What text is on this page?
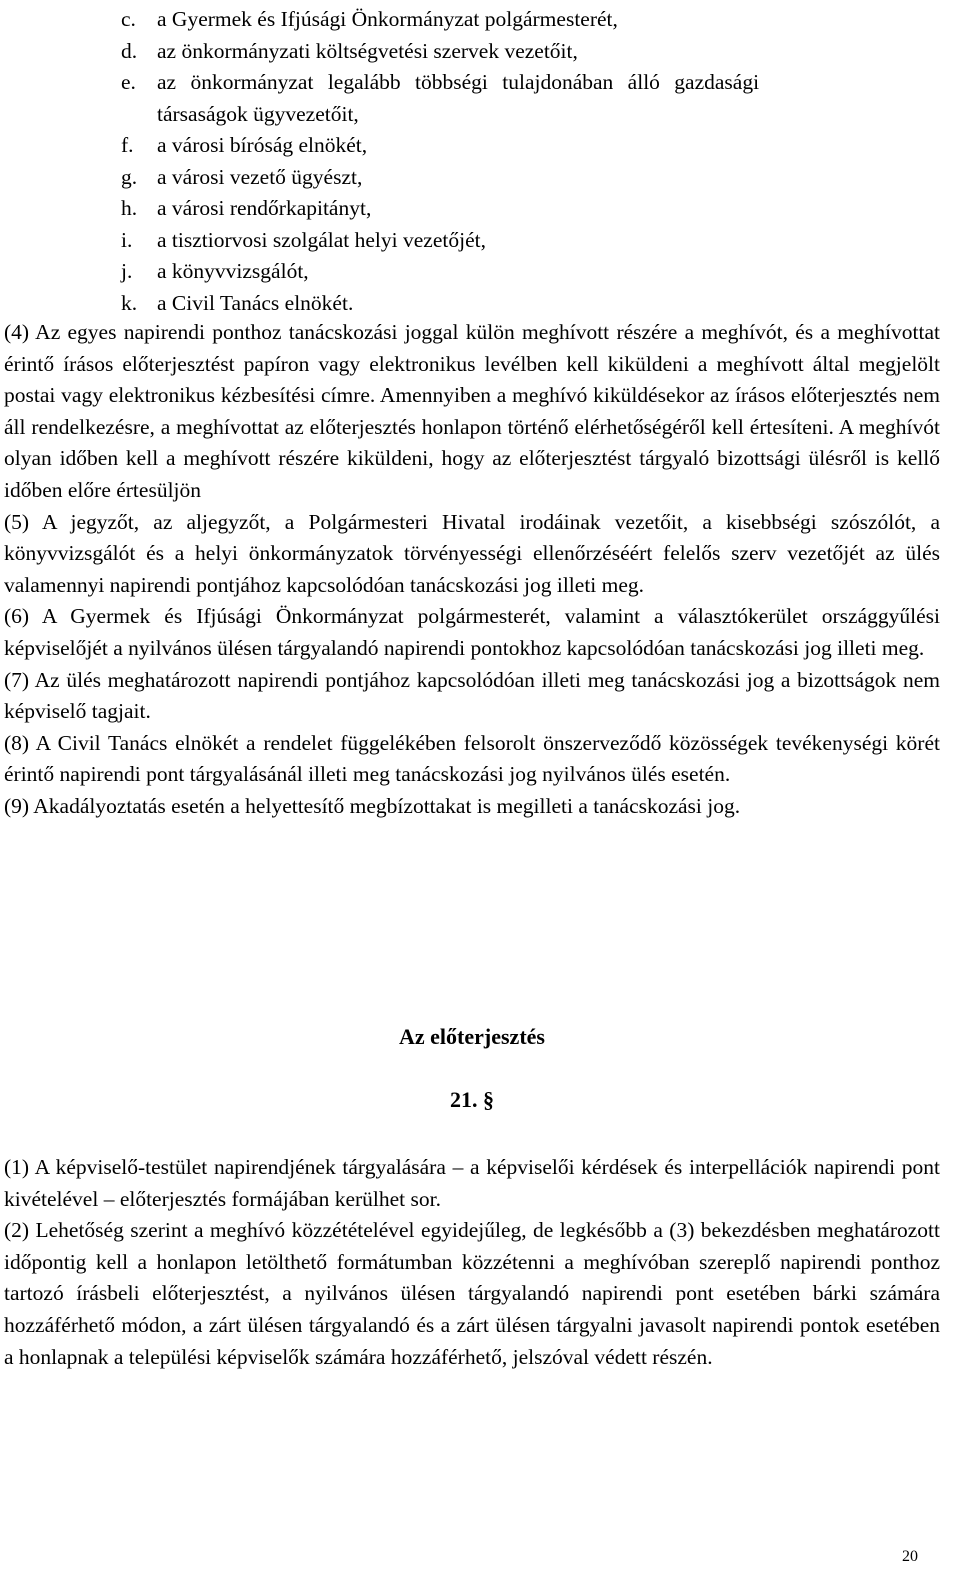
c. a Gyermek és Ifjúsági Önkormányzat polgármesterét,
d. az önkormányzati költségvetési szervek vezetőit,
e. az önkormányzat legalább többségi tulajdonában álló gazdasági
társaságok ügyvezetőit,
f. a városi bíróság elnökét,
g. a városi vezető ügyészt,
h. a városi rendőrkapitányt,
i. a tisztiorvosi szolgálat helyi vezetőjét,
j. a könyvvizsgálót,
k. a Civil Tanács elnökét.

(4) Az egyes napirendi ponthoz tanácskozási joggal külön meghívott részére a meghívót, és a meghívottat érintő írásos előterjesztést papíron vagy elektronikus levélben kell kiküldeni a meghívott által megjelölt postai vagy elektronikus kézbesítési címre. Amennyiben a meghívó kiküldésekor az írásos előterjesztés nem áll rendelkezésre, a meghívottat az előterjesztés honlapon történő elérhetőségéről kell értesíteni. A meghívót olyan időben kell a meghívott részére kiküldeni, hogy az előterjesztést tárgyaló bizottsági ülésről is kellő időben előre értesüljön

(5) A jegyzőt, az aljegyzőt, a Polgármesteri Hivatal irodáinak vezetőit, a kisebbségi szószólót, a könyvvizsgálót és a helyi önkormányzatok törvényességi ellenőrzéséért felelős szerv vezetőjét az ülés valamennyi napirendi pontjához kapcsolódóan tanácskozási jog illeti meg.

(6) A Gyermek és Ifjúsági Önkormányzat polgármesterét, valamint a választókerület országgyűlési képviselőjét a nyilvános ülésen tárgyalandó napirendi pontokhoz kapcsolódóan tanácskozási jog illeti meg.

(7) Az ülés meghatározott napirendi pontjához kapcsolódóan illeti meg tanácskozási jog a bizottságok nem képviselő tagjait.

(8) A Civil Tanács elnökét a rendelet függelékében felsorolt önszerveződő közösségek tevékenységi körét érintő napirendi pont tárgyalásánál illeti meg tanácskozási jog nyilvános ülés esetén.

(9) Akadályoztatás esetén a helyettesítő megbízottakat is megilleti a tanácskozási jog.

Az előterjesztés
21. §

(1) A képviselő-testület napirendjének tárgyalására – a képviselői kérdések és interpellációk napirendi pont kivételével – előterjesztés formájában kerülhet sor.

(2) Lehetőség szerint a meghívó közzétételével egyidejűleg, de legkésőbb a (3) bekezdésben meghatározott időpontig kell a honlapon letölthető formátumban közzétenni a meghívóban szereplő napirendi ponthoz tartozó írásbeli előterjesztést, a nyilvános ülésen tárgyalandó napirendi pont esetében bárki számára hozzáférhető módon, a zárt ülésen tárgyalandó és a zárt ülésen tárgyalni javasolt napirendi pontok esetében a honlapnak a települési képviselők számára hozzáférhető, jelszóval védett részén.

20
